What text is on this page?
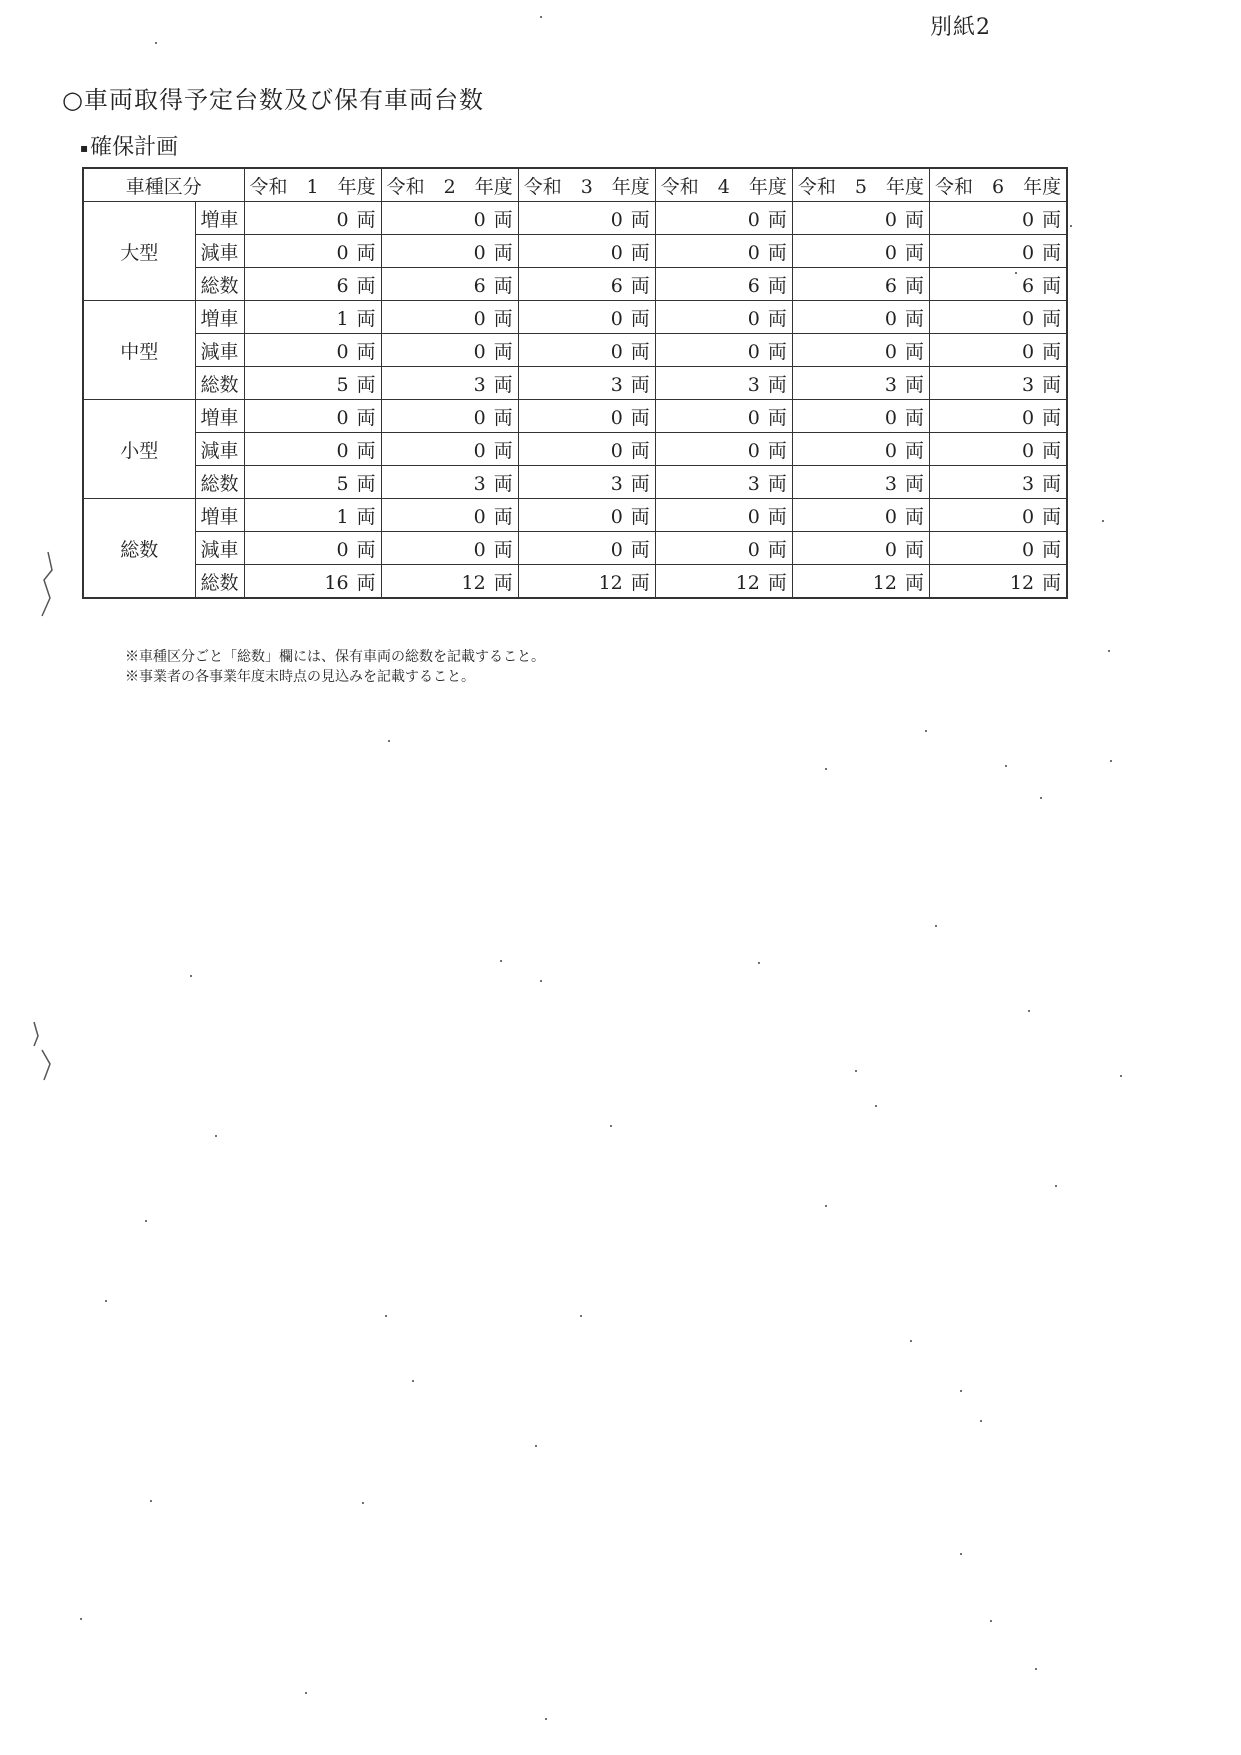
別紙2
○車両取得予定台数及び保有車両台数
▪確保計画
車種区分		令和　1　年度	令和　2　年度	令和　3　年度	令和　4　年度	令和　5　年度	令和　6　年度
大型	増車	0 両	0 両	0 両	0 両	0 両	0 両
	減車	0 両	0 両	0 両	0 両	0 両	0 両
	総数	6 両	6 両	6 両	6 両	6 両	6 両
中型	増車	1 両	0 両	0 両	0 両	0 両	0 両
	減車	0 両	0 両	0 両	0 両	0 両	0 両
	総数	5 両	3 両	3 両	3 両	3 両	3 両
小型	増車	0 両	0 両	0 両	0 両	0 両	0 両
	減車	0 両	0 両	0 両	0 両	0 両	0 両
	総数	5 両	3 両	3 両	3 両	3 両	3 両
総数	増車	1 両	0 両	0 両	0 両	0 両	0 両
	減車	0 両	0 両	0 両	0 両	0 両	0 両
	総数	16 両	12 両	12 両	12 両	12 両	12 両
※車種区分ごと「総数」欄には、保有車両の総数を記載すること。
※事業者の各事業年度末時点の見込みを記載すること。
